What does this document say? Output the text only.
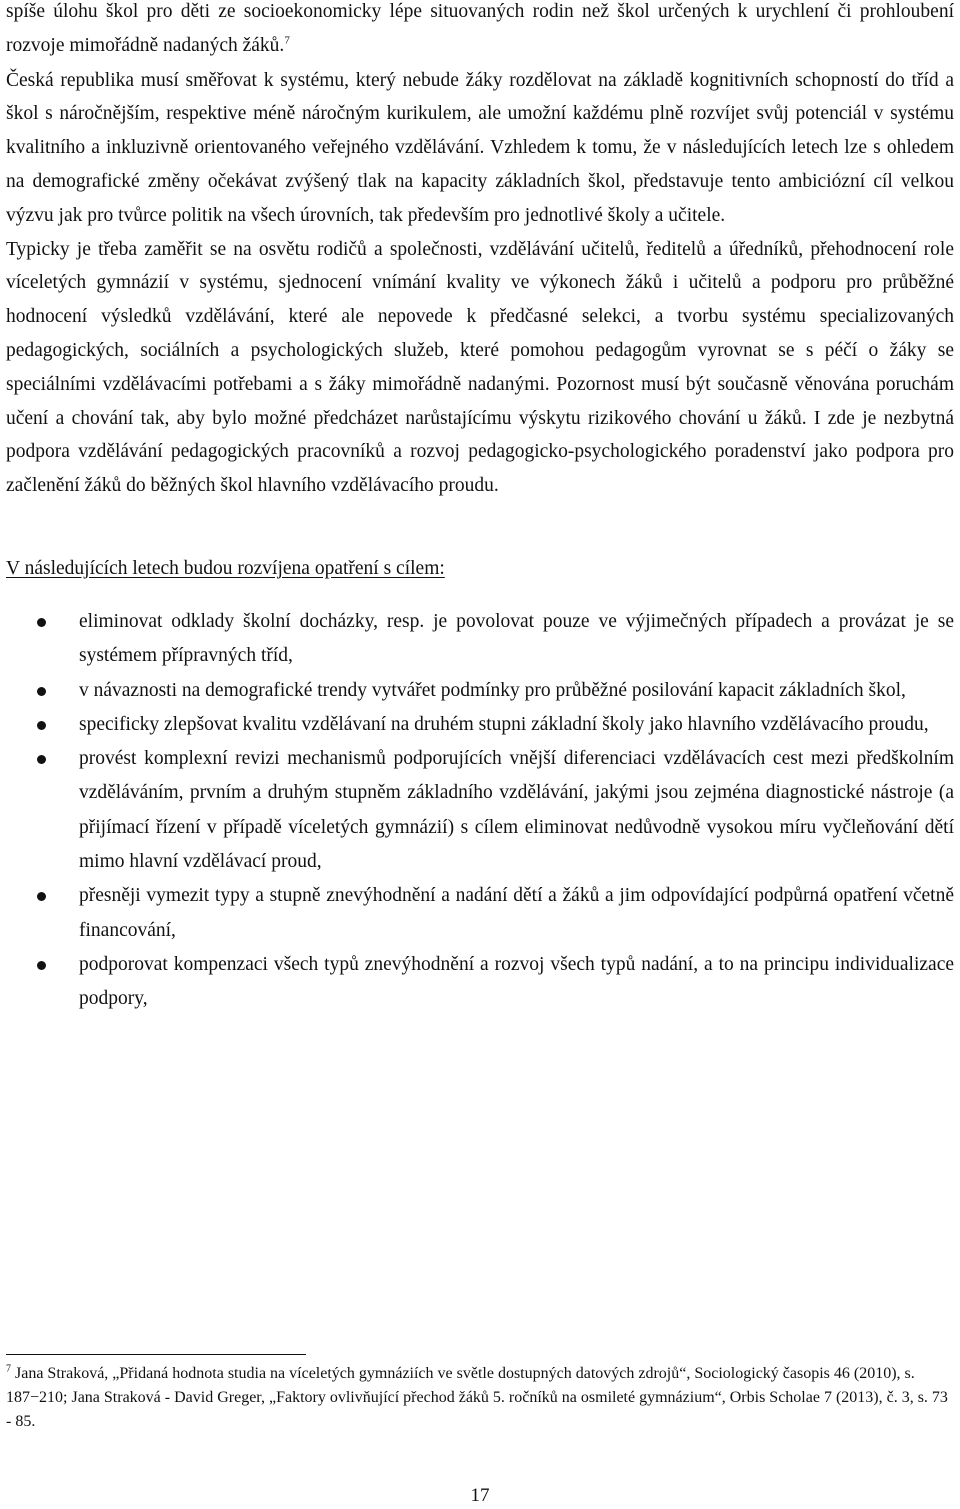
spíše úlohu škol pro děti ze socioekonomicky lépe situovaných rodin než škol určených k urychlení či prohloubení rozvoje mimořádně nadaných žáků.$^7$

Česká republika musí směřovat k systému, který nebude žáky rozdělovat na základě kognitivních schopností do tříd a škol s náročnějším, respektive méně náročným kurikulem, ale umožní každému plně rozvíjet svůj potenciál v systému kvalitního a inkluzivně orientovaného veřejného vzdělávání. Vzhledem k tomu, že v následujících letech lze s ohledem na demografické změny očekávat zvýšený tlak na kapacity základních škol, představuje tento ambiciózní cíl velkou výzvu jak pro tvůrce politik na všech úrovních, tak především pro jednotlivé školy a učitele.

Typicky je třeba zaměřit se na osvětu rodičů a společnosti, vzdělávání učitelů, ředitelů a úředníků, přehodnocení role víceletých gymnázií v systému, sjednocení vnímání kvality ve výkonech žáků i učitelů a podporu pro průběžné hodnocení výsledků vzdělávání, které ale nepovede k předčasné selekci, a tvorbu systému specializovaných pedagogických, sociálních a psychologických služeb, které pomohou pedagogům vyrovnat se s péčí o žáky se speciálními vzdělávacími potřebami a s žáky mimořádně nadanými. Pozornost musí být současně věnována poruchám učení a chování tak, aby bylo možné předcházet narůstajícímu výskytu rizikového chování u žáků. I zde je nezbytná podpora vzdělávání pedagogických pracovníků a rozvoj pedagogicko-psychologického poradenství jako podpora pro začlenění žáků do běžných škol hlavního vzdělávacího proudu.

V následujících letech budou rozvíjena opatření s cílem:

eliminovat odklady školní docházky, resp. je povolovat pouze ve výjimečných případech a provázat je se systémem přípravných tříd,
v návaznosti na demografické trendy vytvářet podmínky pro průběžné posilování kapacit základních škol,
specificky zlepšovat kvalitu vzdělávaní na druhém stupni základní školy jako hlavního vzdělávacího proudu,
provést komplexní revizi mechanismů podporujících vnější diferenciaci vzdělávacích cest mezi předškolním vzděláváním, prvním a druhým stupněm základního vzdělávání, jakými jsou zejména diagnostické nástroje (a přijímací řízení v případě víceletých gymnázií) s cílem eliminovat nedůvodně vysokou míru vyčleňování dětí mimo hlavní vzdělávací proud,
přesněji vymezit typy a stupně znevýhodnění a nadání dětí a žáků a jim odpovídající podpůrná opatření včetně financování,
podporovat kompenzaci všech typů znevýhodnění a rozvoj všech typů nadání, a to na principu individualizace podpory,

$^7$ Jana Straková, „Přidaná hodnota studia na víceletých gymnáziích ve světle dostupných datových zdrojů“, Sociologický časopis 46 (2010), s. 187−210; Jana Straková - David Greger, „Faktory ovlivňující přechod žáků 5. ročníků na osmileté gymnázium“, Orbis Scholae 7 (2013), č. 3, s. 73 - 85.

17
